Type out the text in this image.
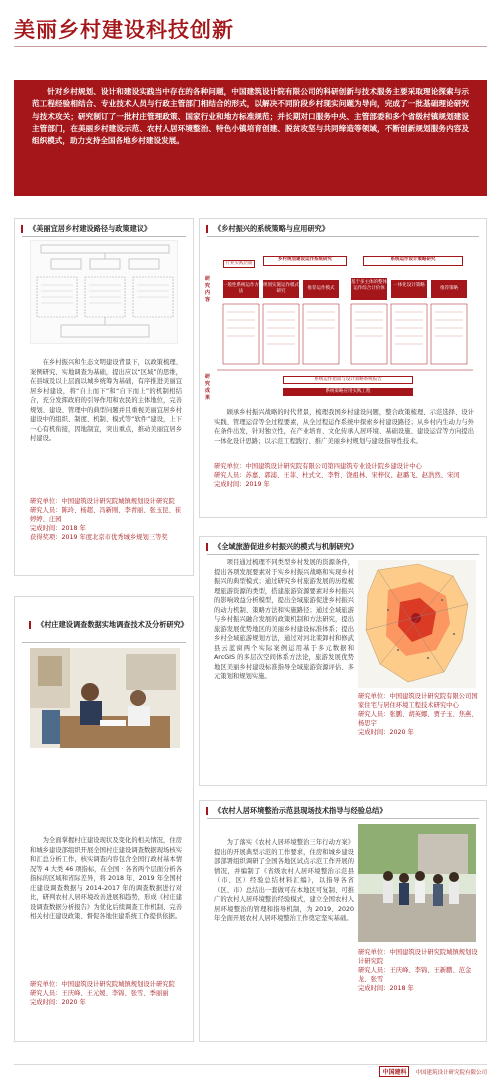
美丽乡村建设科技创新
针对乡村规划、设计和建设实践当中存在的各种问题，中国建筑设计院有限公司的科研创新与技术服务主要采取理论探索与示范工程经验相结合、专业技术人员与行政主管部门相结合的形式，以解决不同阶段乡村现实问题为导向，完成了一批基础理论研究与技术攻关；研究制订了一批村庄管理政策、国家行业和地方标准规范；并长期对口服务中央、主管部委和多个省级村镇规划建设主管部门，在美丽乡村建设示范、农村人居环境整治、特色小镇培育创建、脱贫攻坚与共同缔造等领域，不断创新规划服务内容及组织模式，助力支持全国各地乡村建设发展。
《美丽宜居乡村建设路径与政策建议》
在乡村振兴和生态文明建设背景下，以政策梳理、案例研究、实地调查为基础，提出应以“区域”的思维，在县域及以上层面以城乡统筹为基础，有序推进美丽宜居乡村建设，将“自上而下”和“自下而上”的机制相结合，充分发挥政府的引导作用和农民的主体地位，完善规划、建设、管理中的典型问题并且重视美丽宜居乡村建设中的组织、制度、机制、模式等“软件”建设，上下一心有机衔接，因地制宜，突出重点，推动美丽宜居乡村建设。
研究单位：中国建筑设计研究院城镇规划设计研究院
研究人员：陈玲、杨超、冯新刚、李青丽、张玉昆、崔婷婷、庄园
完成时间：2018 年
获得奖项：2019 年度北京市优秀城乡规划三等奖
《乡村振兴的系统策略与应用研究》
研究内容
行业实践层面
乡村规划建设运作系统研究	系统运作设计策略研究
一般性系统运作方法
规划实施运作模式研究
推荐运作模式
基于多主体的整体运作综合计价体
一体化设计策略
推荐策略
研究成果
系统运作指南与设计策略系统报告
系统策略应用实践工程
顾承乡村振兴战略的时代背景，梳理我国乡村建设问题，整合政策梳理、示范选择、设计实践、管理运营等全过程要素，从全过程运作系统中探索乡村建设路径；从乡村内生动力与外在条件出发，针对独立性，在产业培育、文化传承人居环境、基础设施、建设运营等方向提出一体化设计思路；以示范工程践行、推广美丽乡村规划与建设指导性技术。
研究单位：中国建筑设计研究院有限公司第四建筑专业设计院乡建设计中心
研究人员：苏嘉、郭浦、王菲、杜式文、李哲、饶祖林、宋梓仪、赵璐飞、赵浩然、宋闰
完成时间：2019 年
《全域旅游促进乡村振兴的模式与机制研究》
项目通过梳理不同类型乡村发展的资源条件，提出各项发展要素对于实乡村振兴战略和实现乡村振兴的典型模式；通过研究乡村旅游发展的历程梳理旅游资源的类型，搭建旅游资源要素对乡村振兴的影响效益分析模型，提出全域旅游促进乡村振兴的动力机制、策略方法和实施路径；通过全域旅游与乡村振兴融合发展的政策机制和方法研究，提出旅游发展优势地区的美丽乡村建设标准体系；提出乡村全域旅游规划方法，通过对河北栾卸村和修武县云蓝窗两个实际案例运用基于多元数据和 ArcGIS 的多层次空间体系方法论，旅游发展优势地区美丽乡村建设标准指导全域旅游资源评估、多元策划和规划实施。
研究单位：中国建筑设计研究院有限公司国家住宅与居住环境工程技术研究中心
研究人员：张鹏、胡英娜、贾子玉、焦燕、杨思宇
完成时间：2020 年
《村庄建设调查数据实地调查技术及分析研究》
为全面掌握村庄建设现状及变化的相关情况，住房和城乡建设部组织开展全国村庄建设调查数据现场核实和汇总分析工作，核实调查内容包含全国行政村基本情况等 4 大类 46 项指标，在全国 · 各省两个层面分析各指标的区域和省际差异，将 2018 年、2019 年全国村庄建设调查数据与 2014-2017 年的调查数据进行对比，研判农村人居环境改善进展和趋势，形成《村庄建设调查数据分析报告》为优化后续调查工作机制、完善相关村庄建设政策、督促各地住建系统工作提供依据。
研究单位：中国建筑设计研究院城镇规划设计研究院
研究人员：王庆峰、王元媛、李锦、张雪、季丽丽
完成时间：2020 年
《农村人居环境整治示范县现场技术指导与经验总结》
为了落实《农村人居环境整治三年行动方案》提出的开展典型示范的工作要求，住房和城乡建设部部署组织调研了全国各地区试点示范工作开展的情况，并编制了《省级农村人居环境整治示范县（市、区）经验总结材料汇编》，以指导各省（区、市）总结出一套做可在本地区可复制、可推广的农村人居环境整治经验模式，建立全国农村人居环境整治的管理和指导机制，为 2019、2020 年全面开展农村人居环境整治工作奠定坚实基础。
研究单位：中国建筑设计研究院城镇规划设计研究院
研究人员：王庆峰、李锦、王新鹏、范金龙、张雪
完成时间：2018 年
中国建科	中国建筑设计研究院有限公司
